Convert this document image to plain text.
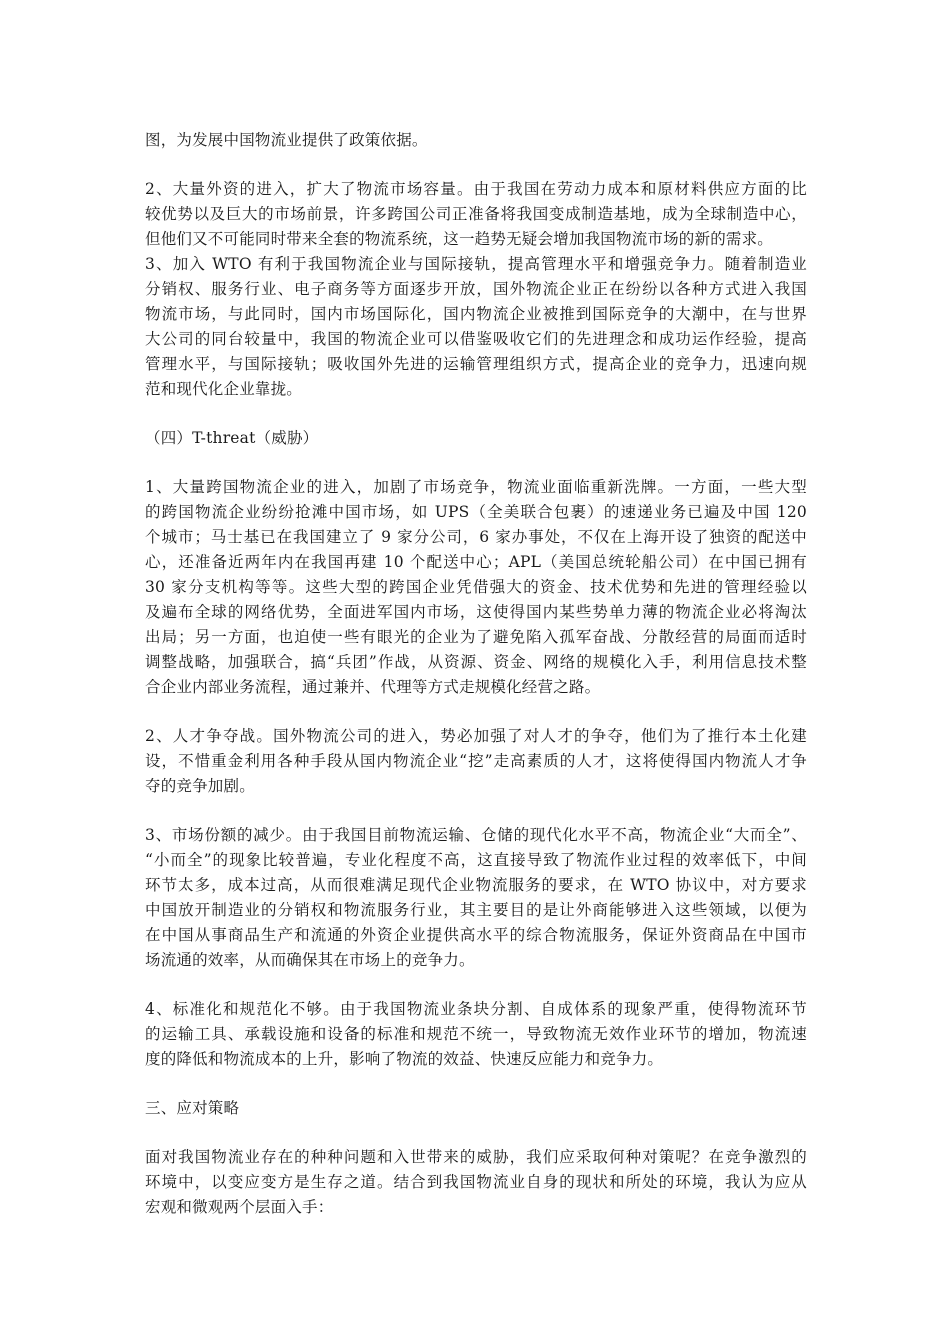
图，为发展中国物流业提供了政策依据。
2、大量外资的进入，扩大了物流市场容量。由于我国在劳动力成本和原材料供应方面的比
较优势以及巨大的市场前景，许多跨国公司正准备将我国变成制造基地，成为全球制造中心，
但他们又不可能同时带来全套的物流系统，这一趋势无疑会增加我国物流市场的新的需求。
3、加入 WTO 有利于我国物流企业与国际接轨，提高管理水平和增强竞争力。随着制造业
分销权、服务行业、电子商务等方面逐步开放，国外物流企业正在纷纷以各种方式进入我国
物流市场，与此同时，国内市场国际化，国内物流企业被推到国际竞争的大潮中，在与世界
大公司的同台较量中，我国的物流企业可以借鉴吸收它们的先进理念和成功运作经验，提高
管理水平，与国际接轨；吸收国外先进的运输管理组织方式，提高企业的竞争力，迅速向规
范和现代化企业靠拢。
（四）T-threat（威胁）
1、大量跨国物流企业的进入，加剧了市场竞争，物流业面临重新洗牌。一方面，一些大型
的跨国物流企业纷纷抢滩中国市场，如 UPS（全美联合包裹）的速递业务已遍及中国 120
个城市；马士基已在我国建立了 9 家分公司，6 家办事处，不仅在上海开设了独资的配送中
心，还准备近两年内在我国再建 10 个配送中心；APL（美国总统轮船公司）在中国已拥有
30 家分支机构等等。这些大型的跨国企业凭借强大的资金、技术优势和先进的管理经验以
及遍布全球的网络优势，全面进军国内市场，这使得国内某些势单力薄的物流企业必将淘汰
出局；另一方面，也迫使一些有眼光的企业为了避免陷入孤军奋战、分散经营的局面而适时
调整战略，加强联合，搞“兵团”作战，从资源、资金、网络的规模化入手，利用信息技术整
合企业内部业务流程，通过兼并、代理等方式走规模化经营之路。
2、人才争夺战。国外物流公司的进入，势必加强了对人才的争夺，他们为了推行本土化建
设，不惜重金利用各种手段从国内物流企业“挖”走高素质的人才，这将使得国内物流人才争
夺的竞争加剧。
3、市场份额的减少。由于我国目前物流运输、仓储的现代化水平不高，物流企业“大而全”、
“小而全”的现象比较普遍，专业化程度不高，这直接导致了物流作业过程的效率低下，中间
环节太多，成本过高，从而很难满足现代企业物流服务的要求，在 WTO 协议中，对方要求
中国放开制造业的分销权和物流服务行业，其主要目的是让外商能够进入这些领域，以便为
在中国从事商品生产和流通的外资企业提供高水平的综合物流服务，保证外资商品在中国市
场流通的效率，从而确保其在市场上的竞争力。
4、标准化和规范化不够。由于我国物流业条块分割、自成体系的现象严重，使得物流环节
的运输工具、承载设施和设备的标准和规范不统一，导致物流无效作业环节的增加，物流速
度的降低和物流成本的上升，影响了物流的效益、快速反应能力和竞争力。
三、应对策略
面对我国物流业存在的种种问题和入世带来的威胁，我们应采取何种对策呢？在竞争激烈的
环境中，以变应变方是生存之道。结合到我国物流业自身的现状和所处的环境，我认为应从
宏观和微观两个层面入手：
